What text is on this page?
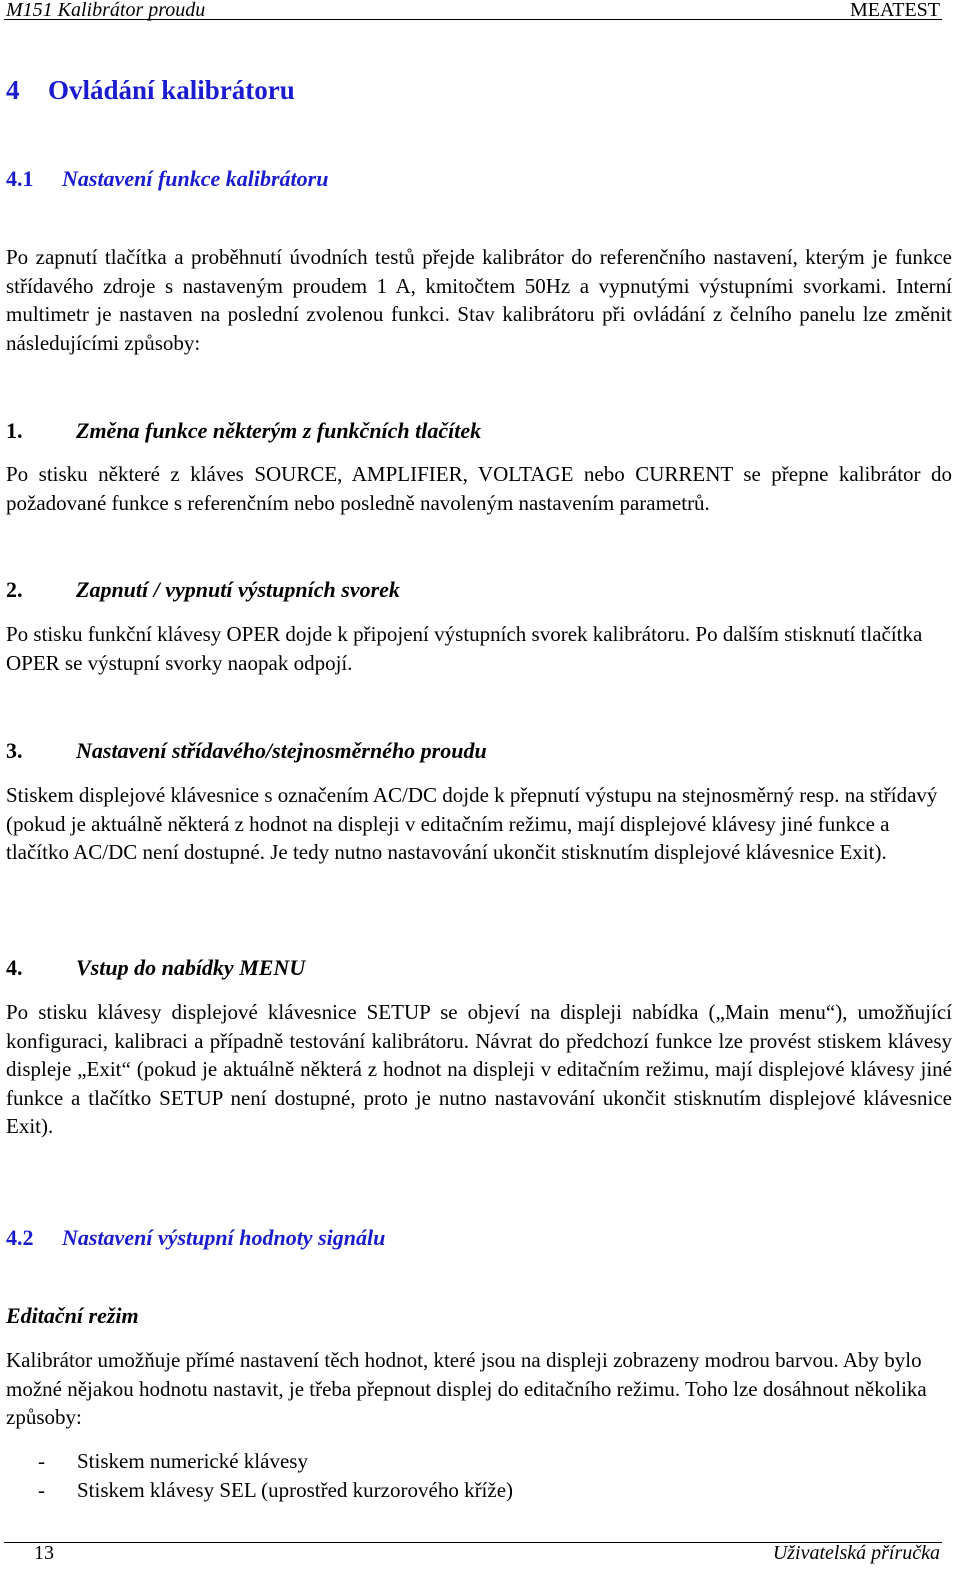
M151 Kalibrátor proudu	MEATEST
4 Ovládání kalibrátoru
4.1 Nastavení funkce kalibrátoru
Po zapnutí tlačítka a proběhnutí úvodních testů přejde kalibrátor do referenčního nastavení, kterým je funkce střídavého zdroje s nastaveným proudem 1 A, kmitočtem 50Hz a vypnutými výstupními svorkami. Interní multimetr je nastaven na poslední zvolenou funkci. Stav kalibrátoru při ovládání z čelního panelu lze změnit následujícími způsoby:
1. Změna funkce některým z funkčních tlačítek
Po stisku některé z kláves SOURCE, AMPLIFIER, VOLTAGE nebo CURRENT se přepne kalibrátor do požadované funkce s referenčním nebo posledně navoleným nastavením parametrů.
2. Zapnutí / vypnutí výstupních svorek
Po stisku funkční klávesy OPER dojde k připojení výstupních svorek kalibrátoru. Po dalším stisknutí tlačítka OPER se výstupní svorky naopak odpojí.
3. Nastavení střídavého/stejnosměrného proudu
Stiskem displejové klávesnice s označením AC/DC dojde k přepnutí výstupu na stejnosměrný resp. na střídavý (pokud je aktuálně některá z hodnot na displeji v editačním režimu, mají displejové klávesy jiné funkce a tlačítko AC/DC není dostupné. Je tedy nutno nastavování ukončit stisknutím displejové klávesnice Exit).
4. Vstup do nabídky MENU
Po stisku klávesy displejové klávesnice SETUP se objeví na displeji nabídka („Main menu“), umožňující konfiguraci, kalibraci a případně testování kalibrátoru. Návrat do předchozí funkce lze provést stiskem klávesy displeje „Exit“ (pokud je aktuálně některá z hodnot na displeji v editačním režimu, mají displejové klávesy jiné funkce a tlačítko SETUP není dostupné, proto je nutno nastavování ukončit stisknutím displejové klávesnice Exit).
4.2 Nastavení výstupní hodnoty signálu
Editační režim
Kalibrátor umožňuje přímé nastavení těch hodnot, které jsou na displeji zobrazeny modrou barvou. Aby bylo možné nějakou hodnotu nastavit, je třeba přepnout displej do editačního režimu. Toho lze dosáhnout několika způsoby:
- Stiskem numerické klávesy
- Stiskem klávesy SEL (uprostřed kurzorového kříže)
13	Uživatelská příručka
